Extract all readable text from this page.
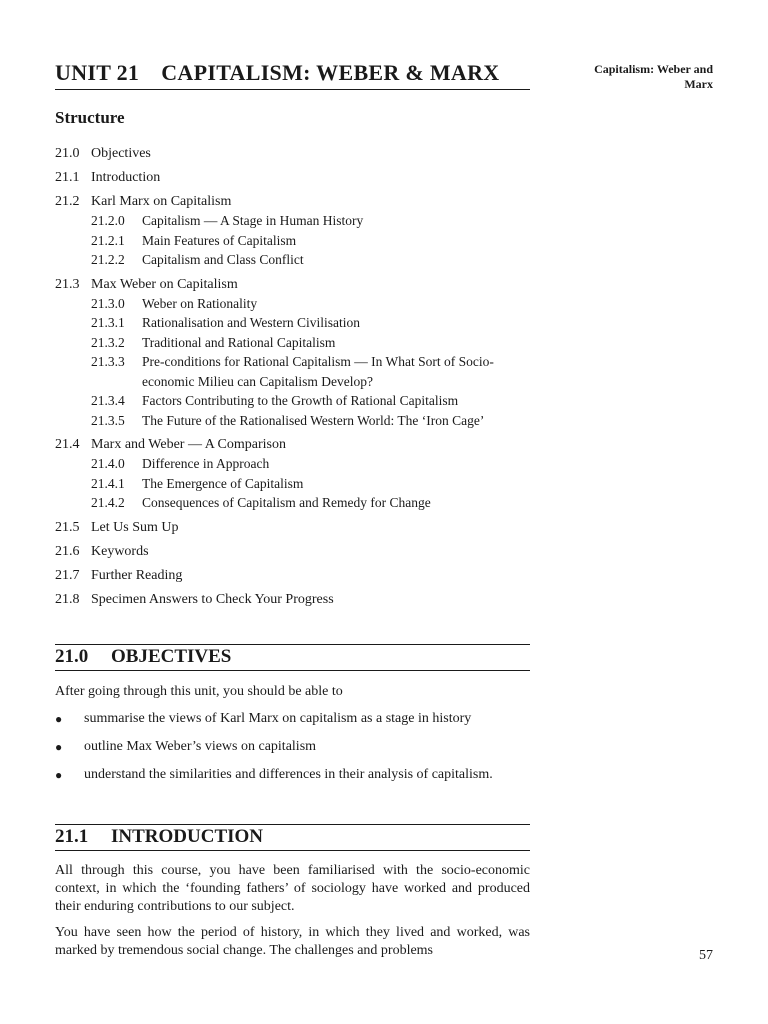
UNIT 21 CAPITALISM: WEBER & MARX	Capitalism: Weber and Marx
Structure
21.0 Objectives
21.1 Introduction
21.2 Karl Marx on Capitalism
21.2.0	Capitalism — A Stage in Human History
21.2.1	Main Features of Capitalism
21.2.2	Capitalism and Class Conflict
21.3 Max Weber on Capitalism
21.3.0	Weber on Rationality
21.3.1	Rationalisation and Western Civilisation
21.3.2	Traditional and Rational Capitalism
21.3.3	Pre-conditions for Rational Capitalism — In What Sort of Socio-economic Milieu can Capitalism Develop?
21.3.4	Factors Contributing to the Growth of Rational Capitalism
21.3.5	The Future of the Rationalised Western World: The ‘Iron Cage’
21.4 Marx and Weber — A Comparison
21.4.0	Difference in Approach
21.4.1	The Emergence of Capitalism
21.4.2	Consequences of Capitalism and Remedy for Change
21.5 Let Us Sum Up
21.6 Keywords
21.7 Further Reading
21.8 Specimen Answers to Check Your Progress
21.0 OBJECTIVES

After going through this unit, you should be able to

●	summarise the views of Karl Marx on capitalism as a stage in history
●	outline Max Weber’s views on capitalism
●	understand the similarities and differences in their analysis of capitalism.
21.1 INTRODUCTION

All through this course, you have been familiarised with the socio-economic context, in which the ‘founding fathers’ of sociology have worked and produced their enduring contributions to our subject.

You have seen how the period of history, in which they lived and worked, was marked by tremendous social change. The challenges and problems	57
